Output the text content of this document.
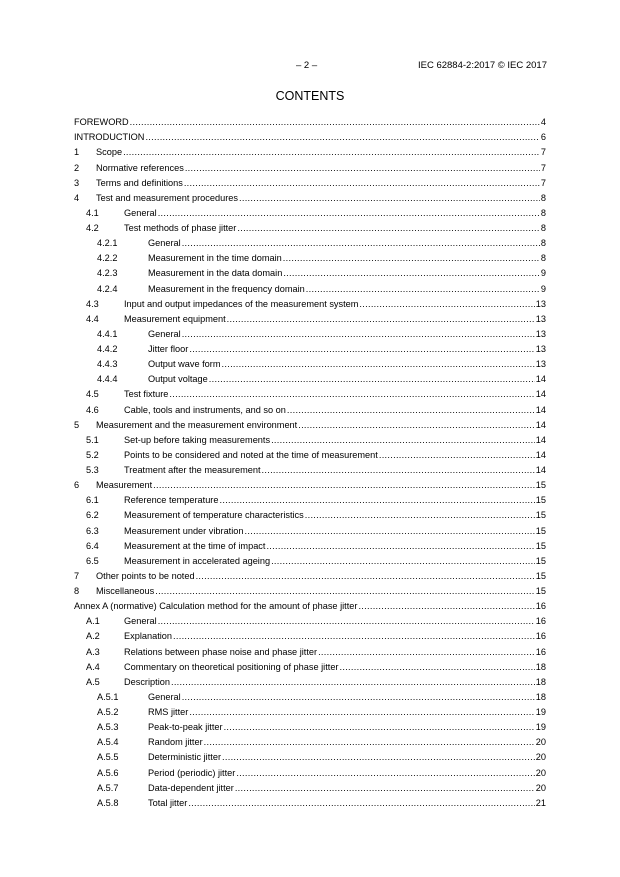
– 2 –	IEC 62884-2:2017 © IEC 2017
CONTENTS
FOREWORD .....	4
INTRODUCTION .....	6
1	Scope .....	7
2	Normative references .....	7
3	Terms and definitions .....	7
4	Test and measurement procedures .....	8
4.1	General .....	8
4.2	Test methods of phase jitter .....	8
4.2.1	General .....	8
4.2.2	Measurement in the time domain .....	8
4.2.3	Measurement in the data domain .....	9
4.2.4	Measurement in the frequency domain .....	9
4.3	Input and output impedances of the measurement system .....	13
4.4	Measurement equipment .....	13
4.4.1	General .....	13
4.4.2	Jitter floor .....	13
4.4.3	Output wave form .....	13
4.4.4	Output voltage .....	14
4.5	Test fixture .....	14
4.6	Cable, tools and instruments, and so on .....	14
5	Measurement and the measurement environment .....	14
5.1	Set-up before taking measurements .....	14
5.2	Points to be considered and noted at the time of measurement .....	14
5.3	Treatment after the measurement .....	14
6	Measurement .....	15
6.1	Reference temperature .....	15
6.2	Measurement of temperature characteristics .....	15
6.3	Measurement under vibration .....	15
6.4	Measurement at the time of impact .....	15
6.5	Measurement in accelerated ageing .....	15
7	Other points to be noted .....	15
8	Miscellaneous .....	15
Annex A (normative) Calculation method for the amount of phase jitter .....	16
A.1	General .....	16
A.2	Explanation .....	16
A.3	Relations between phase noise and phase jitter .....	16
A.4	Commentary on theoretical positioning of phase jitter .....	18
A.5	Description .....	18
A.5.1	General .....	18
A.5.2	RMS jitter .....	19
A.5.3	Peak-to-peak jitter .....	19
A.5.4	Random jitter .....	20
A.5.5	Deterministic jitter .....	20
A.5.6	Period (periodic) jitter .....	20
A.5.7	Data-dependent jitter .....	20
A.5.8	Total jitter .....	21
